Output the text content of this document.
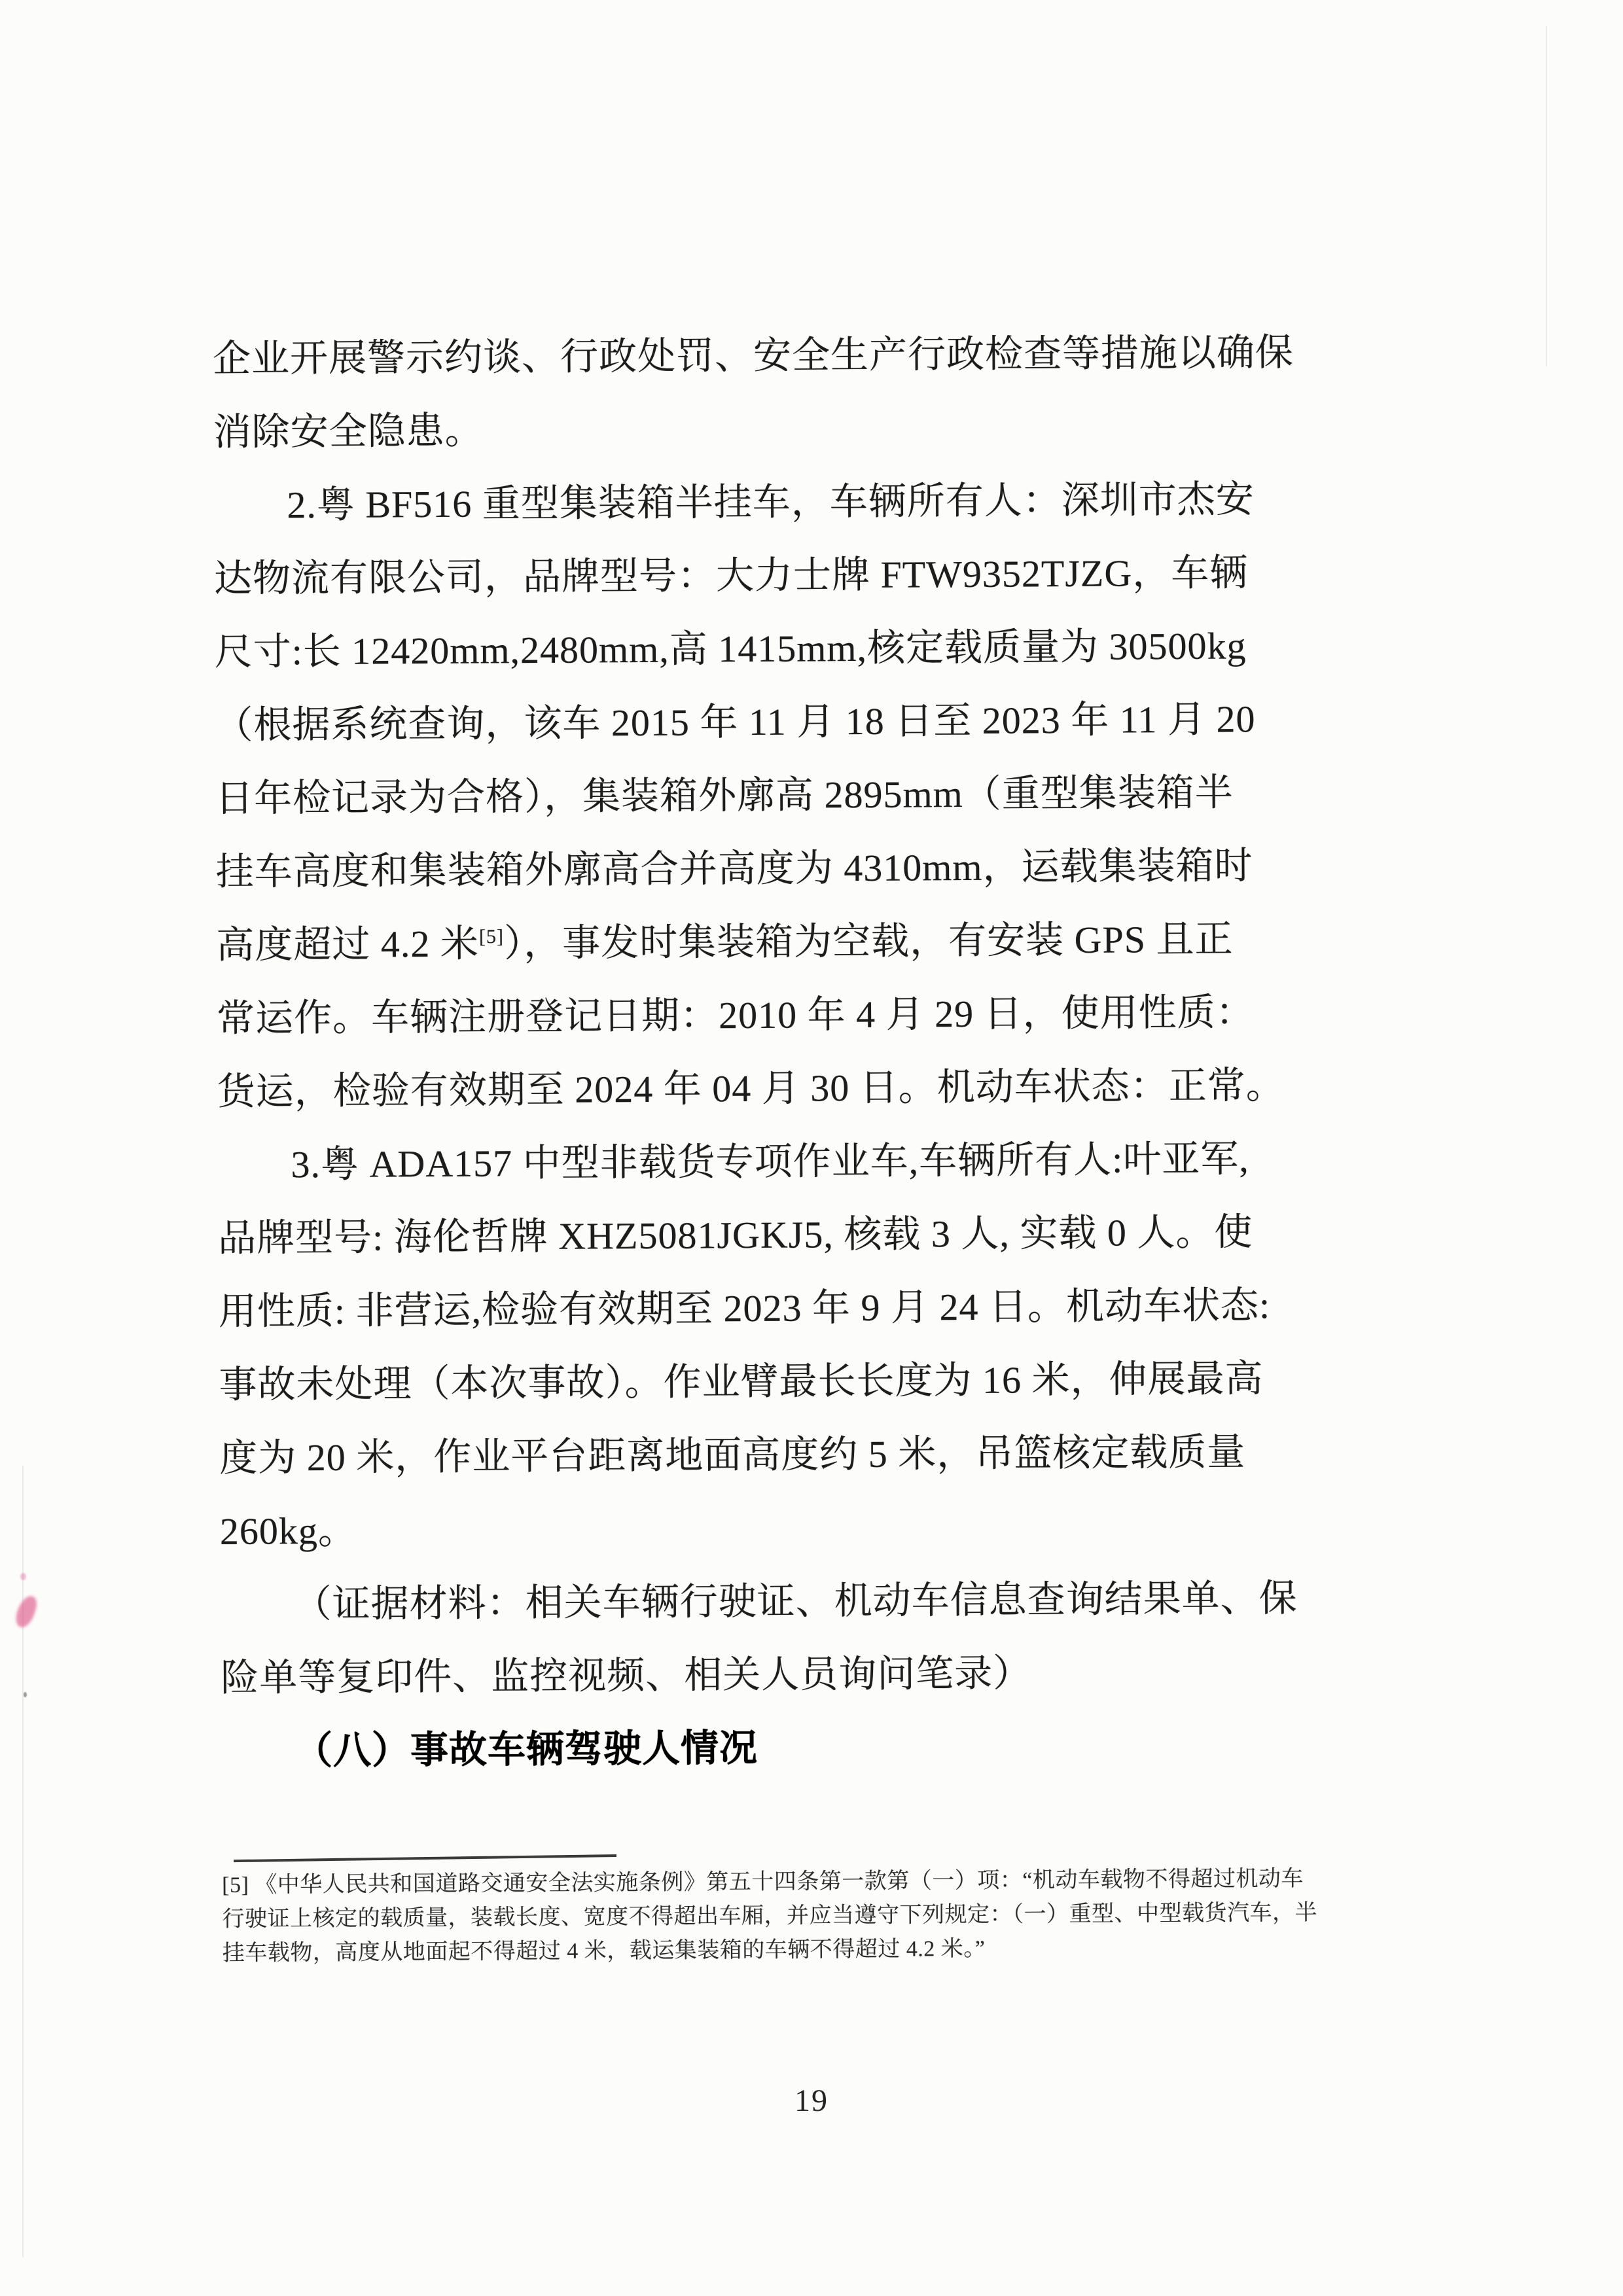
企业开展警示约谈、行政处罚、安全生产行政检查等措施以确保
消除安全隐患。
2.粤 BF516 重型集装箱半挂车，车辆所有人：深圳市杰安
达物流有限公司，品牌型号：大力士牌 FTW9352TJZG，车辆
尺寸:长 12420mm,2480mm,高 1415mm,核定载质量为 30500kg
（根据系统查询，该车 2015 年 11 月 18 日至 2023 年 11 月 20
日年检记录为合格），集装箱外廓高 2895mm（重型集装箱半
挂车高度和集装箱外廓高合并高度为 4310mm，运载集装箱时
高度超过 4.2 米[5]），事发时集装箱为空载，有安装 GPS 且正
常运作。车辆注册登记日期：2010 年 4 月 29 日，使用性质：
货运，检验有效期至 2024 年 04 月 30 日。机动车状态：正常。
3.粤 ADA157 中型非载货专项作业车,车辆所有人:叶亚军,
品牌型号: 海伦哲牌 XHZ5081JGKJ5, 核载 3 人, 实载 0 人。使
用性质: 非营运,检验有效期至 2023 年 9 月 24 日。机动车状态:
事故未处理（本次事故）。作业臂最长长度为 16 米，伸展最高
度为 20 米，作业平台距离地面高度约 5 米，吊篮核定载质量
260kg。
（证据材料：相关车辆行驶证、机动车信息查询结果单、保
险单等复印件、监控视频、相关人员询问笔录）
（八）事故车辆驾驶人情况
[5] 《中华人民共和国道路交通安全法实施条例》第五十四条第一款第（一）项：“机动车载物不得超过机动车
行驶证上核定的载质量，装载长度、宽度不得超出车厢，并应当遵守下列规定：（一）重型、中型载货汽车，半
挂车载物，高度从地面起不得超过 4 米，载运集装箱的车辆不得超过 4.2 米。”
19
